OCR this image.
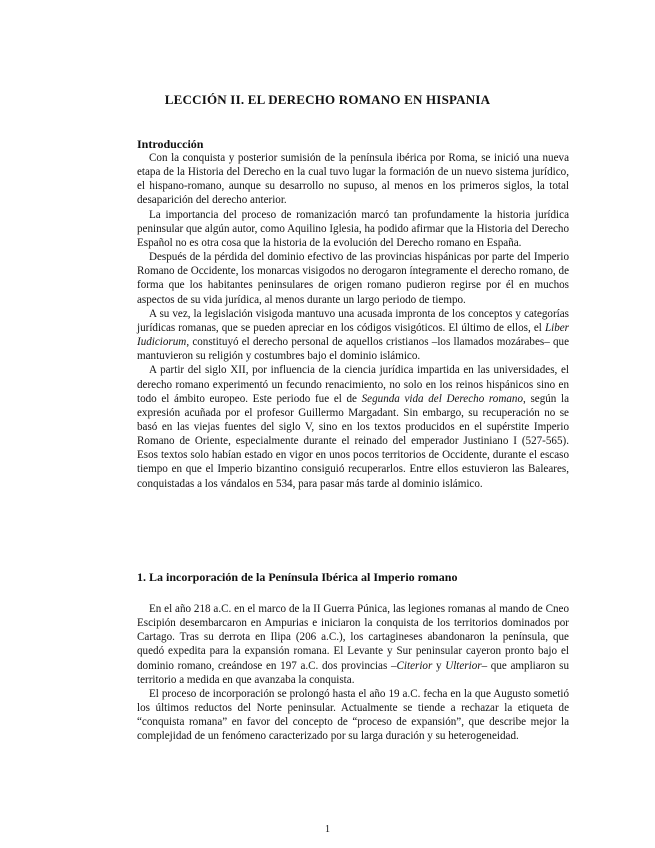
LECCIÓN II. EL DERECHO ROMANO EN HISPANIA
Introducción

Con la conquista y posterior sumisión de la península ibérica por Roma, se inició una nueva etapa de la Historia del Derecho en la cual tuvo lugar la formación de un nuevo sistema jurídico, el hispano-romano, aunque su desarrollo no supuso, al menos en los primeros siglos, la total desaparición del derecho anterior.

La importancia del proceso de romanización marcó tan profundamente la historia jurídica peninsular que algún autor, como Aquilino Iglesia, ha podido afirmar que la Historia del Derecho Español no es otra cosa que la historia de la evolución del Derecho romano en España.

Después de la pérdida del dominio efectivo de las provincias hispánicas por parte del Imperio Romano de Occidente, los monarcas visigodos no derogaron íntegramente el derecho romano, de forma que los habitantes peninsulares de origen romano pudieron regirse por él en muchos aspectos de su vida jurídica, al menos durante un largo periodo de tiempo.

A su vez, la legislación visigoda mantuvo una acusada impronta de los conceptos y categorías jurídicas romanas, que se pueden apreciar en los códigos visigóticos. El último de ellos, el Liber Iudiciorum, constituyó el derecho personal de aquellos cristianos –los llamados mozárabes– que mantuvieron su religión y costumbres bajo el dominio islámico.

A partir del siglo XII, por influencia de la ciencia jurídica impartida en las universidades, el derecho romano experimentó un fecundo renacimiento, no solo en los reinos hispánicos sino en todo el ámbito europeo. Este periodo fue el de Segunda vida del Derecho romano, según la expresión acuñada por el profesor Guillermo Margadant. Sin embargo, su recuperación no se basó en las viejas fuentes del siglo V, sino en los textos producidos en el supérstite Imperio Romano de Oriente, especialmente durante el reinado del emperador Justiniano I (527-565). Esos textos solo habían estado en vigor en unos pocos territorios de Occidente, durante el escaso tiempo en que el Imperio bizantino consiguió recuperarlos. Entre ellos estuvieron las Baleares, conquistadas a los vándalos en 534, para pasar más tarde al dominio islámico.

1. La incorporación de la Península Ibérica al Imperio romano

En el año 218 a.C. en el marco de la II Guerra Púnica, las legiones romanas al mando de Cneo Escipión desembarcaron en Ampurias e iniciaron la conquista de los territorios dominados por Cartago. Tras su derrota en Ilipa (206 a.C.), los cartagineses abandonaron la península, que quedó expedita para la expansión romana. El Levante y Sur peninsular cayeron pronto bajo el dominio romano, creándose en 197 a.C. dos provincias –Citerior y Ulterior– que ampliaron su territorio a medida en que avanzaba la conquista.

El proceso de incorporación se prolongó hasta el año 19 a.C. fecha en la que Augusto sometió los últimos reductos del Norte peninsular. Actualmente se tiende a rechazar la etiqueta de “conquista romana” en favor del concepto de “proceso de expansión”, que describe mejor la complejidad de un fenómeno caracterizado por su larga duración y su heterogeneidad.

1
